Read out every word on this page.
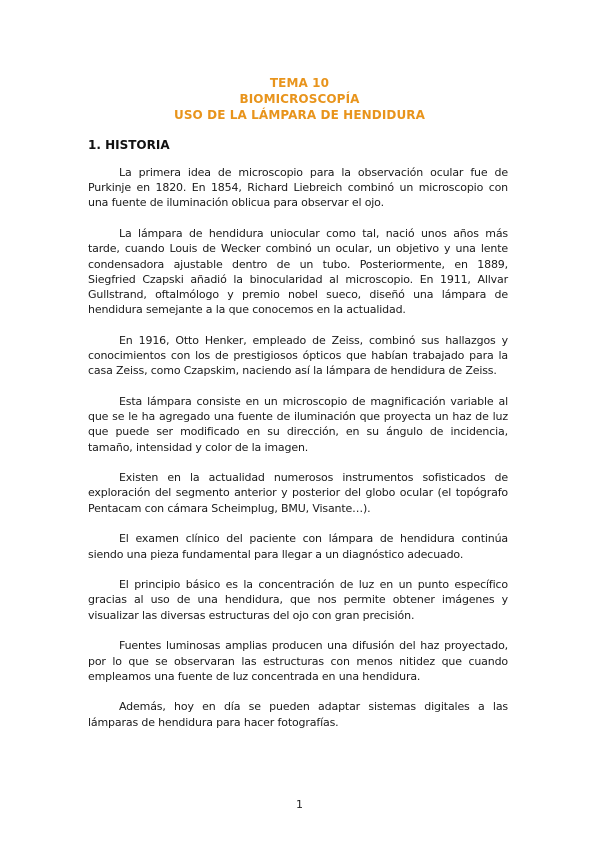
TEMA 10
BIOMICROSCOPÍA
USO DE LA LÁMPARA DE HENDIDURA
1. HISTORIA

La primera idea de microscopio para la observación ocular fue de Purkinje en 1820. En 1854, Richard Liebreich combinó un microscopio con una fuente de iluminación oblicua para observar el ojo.

La lámpara de hendidura uniocular como tal, nació unos años más tarde, cuando Louis de Wecker combinó un ocular, un objetivo y una lente condensadora ajustable dentro de un tubo. Posteriormente, en 1889, Siegfried Czapski añadió la binocularidad al microscopio. En 1911, Allvar Gullstrand, oftalmólogo y premio nobel sueco, diseñó una lámpara de hendidura semejante a la que conocemos en la actualidad.

En 1916, Otto Henker, empleado de Zeiss, combinó sus hallazgos y conocimientos con los de prestigiosos ópticos que habían trabajado para la casa Zeiss, como Czapskim, naciendo así la lámpara de hendidura de Zeiss.

Esta lámpara consiste en un microscopio de magnificación variable al que se le ha agregado una fuente de iluminación que proyecta un haz de luz que puede ser modificado en su dirección, en su ángulo de incidencia, tamaño, intensidad y color de la imagen.

Existen en la actualidad numerosos instrumentos sofisticados de exploración del segmento anterior y posterior del globo ocular (el topógrafo Pentacam con cámara Scheimplug, BMU, Visante…).

El examen clínico del paciente con lámpara de hendidura continúa siendo una pieza fundamental para llegar a un diagnóstico adecuado.

El principio básico es la concentración de luz en un punto específico gracias al uso de una hendidura, que nos permite obtener imágenes y visualizar las diversas estructuras del ojo con gran precisión.

Fuentes luminosas amplias producen una difusión del haz proyectado, por lo que se observaran las estructuras con menos nitidez que cuando empleamos una fuente de luz concentrada en una hendidura.

Además, hoy en día se pueden adaptar sistemas digitales a las lámparas de hendidura para hacer fotografías.

1
